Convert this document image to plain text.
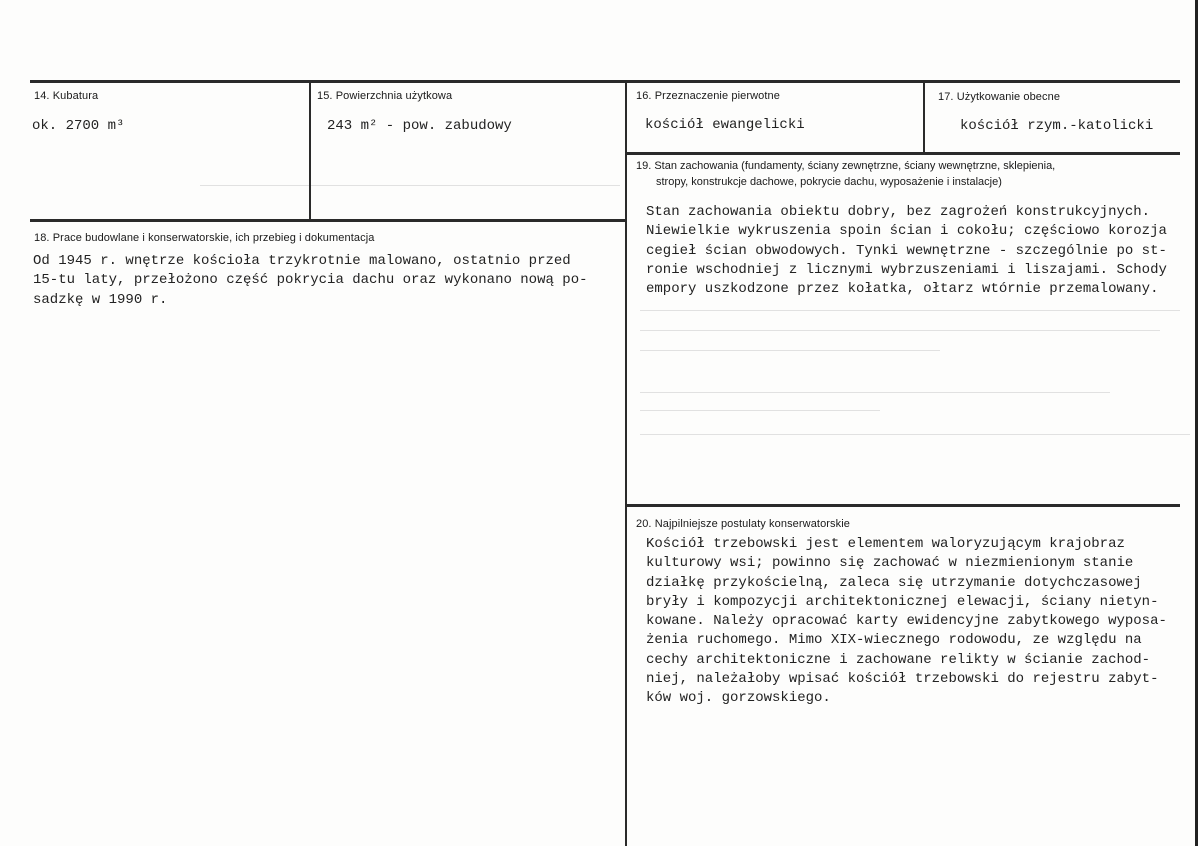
14. Kubatura
ok. 2700 m³
15. Powierzchnia użytkowa
243 m² - pow. zabudowy
16. Przeznaczenie pierwotne
kościół ewangelicki
17. Użytkowanie obecne
kościół rzym.-katolicki
18. Prace budowlane i konserwatorskie, ich przebieg i dokumentacja
Od 1945 r. wnętrze kościoła trzykrotnie malowano, ostatnio przed
15-tu laty, przełożono część pokrycia dachu oraz wykonano nową po-
sadzkę w 1990 r.
19. Stan zachowania (fundamenty, ściany zewnętrzne, ściany wewnętrzne, sklepienia,
stropy, konstrukcje dachowe, pokrycie dachu, wyposażenie i instalacje)
Stan zachowania obiektu dobry, bez zagrożeń konstrukcyjnych.
Niewielkie wykruszenia spoin ścian i cokołu; częściowo korozja
cegieł ścian obwodowych. Tynki wewnętrzne - szczególnie po st-
ronie wschodniej z licznymi wybrzuszeniami i liszajami. Schody
empory uszkodzone przez kołatka, ołtarz wtórnie przemalowany.
20. Najpilniejsze postulaty konserwatorskie
Kościół trzebowski jest elementem waloryzującym krajobraz
kulturowy wsi; powinno się zachować w niezmienionym stanie
działkę przykościelną, zaleca się utrzymanie dotychczasowej
bryły i kompozycji architektonicznej elewacji, ściany nietyn-
kowane. Należy opracować karty ewidencyjne zabytkowego wyposa-
żenia ruchomego. Mimo XIX-wiecznego rodowodu, ze względu na
cechy architektoniczne i zachowane relikty w ścianie zachod-
niej, należałoby wpisać kościół trzebowski do rejestru zabyt-
ków woj. gorzowskiego.
